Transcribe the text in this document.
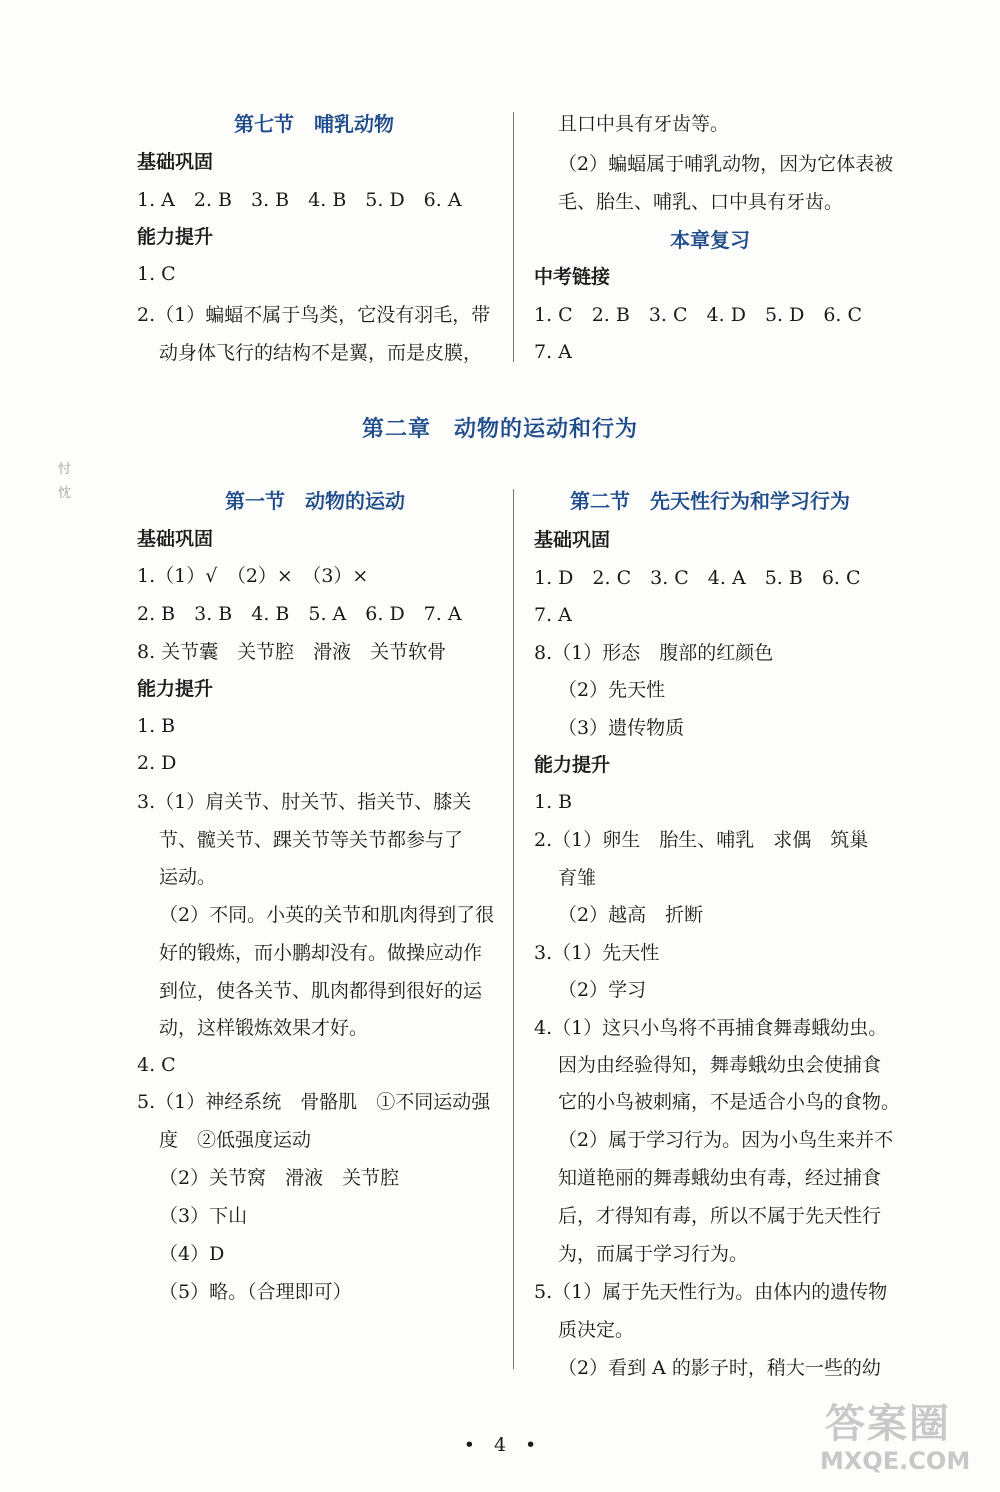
第七节　哺乳动物
基础巩固
1. A　2. B　3. B　4. B　5. D　6. A
能力提升
1. C
2.（1）蝙蝠不属于鸟类，它没有羽毛，带
动身体飞行的结构不是翼，而是皮膜，
且口中具有牙齿等。
（2）蝙蝠属于哺乳动物，因为它体表被
毛、胎生、哺乳、口中具有牙齿。
本章复习
中考链接
1. C　2. B　3. C　4. D　5. D　6. C
7. A
第二章　动物的运动和行为
忖
忱	第一节　动物的运动
基础巩固
1.（1）√　（2）×　（3）×
2. B　3. B　4. B　5. A　6. D　7. A
8. 关节囊　关节腔　滑液　关节软骨
能力提升
1. B
2. D
3.（1）肩关节、肘关节、指关节、膝关
节、髋关节、踝关节等关节都参与了
运动。
（2）不同。小英的关节和肌肉得到了很
好的锻炼，而小鹏却没有。做操应动作
到位，使各关节、肌肉都得到很好的运
动，这样锻炼效果才好。
4. C
5.（1）神经系统　骨骼肌　①不同运动强
度　②低强度运动
（2）关节窝　滑液　关节腔
（3）下山
（4）D
（5）略。（合理即可）
第二节　先天性行为和学习行为
基础巩固
1. D　2. C　3. C　4. A　5. B　6. C
7. A
8.（1）形态　腹部的红颜色
（2）先天性
（3）遗传物质
能力提升
1. B
2.（1）卵生　胎生、哺乳　求偶　筑巢
育雏
（2）越高　折断
3.（1）先天性
（2）学习
4.（1）这只小鸟将不再捕食舞毒蛾幼虫。
因为由经验得知，舞毒蛾幼虫会使捕食
它的小鸟被刺痛，不是适合小鸟的食物。
（2）属于学习行为。因为小鸟生来并不
知道艳丽的舞毒蛾幼虫有毒，经过捕食
后，才得知有毒，所以不属于先天性行
为，而属于学习行为。
5.（1）属于先天性行为。由体内的遗传物
质决定。
（2）看到 A 的影子时，稍大一些的幼
•　4　•	答案圈
MXQE.COM
